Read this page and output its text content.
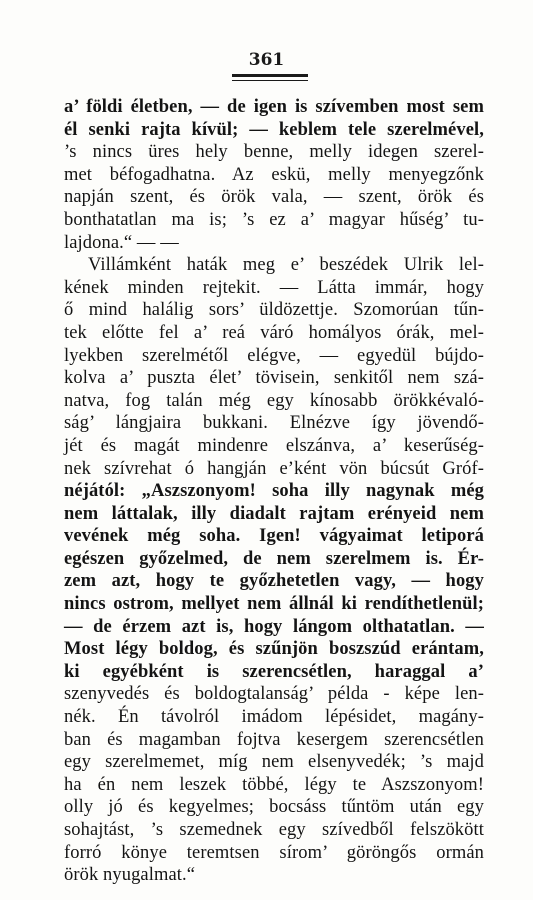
361
a’ földi életben, — de igen is szívemben most sem
él senki rajta kívül; — keblem tele szerelmével,
’s nincs üres hely benne, melly idegen szerel-
met béfogadhatna. Az eskü, melly menyegzőnk
napján szent, és örök vala, — szent, örök és
bonthatatlan ma is; ’s ez a’ magyar hűség’ tu-
lajdona.“ — —
Villámként haták meg e’ beszédek Ulrik lel-
kének minden rejtekit. — Látta immár, hogy
ő mind halálig sors’ üldözettje. Szomorúan tűn-
tek előtte fel a’ reá váró homályos órák, mel-
lyekben szerelmétől elégve, — egyedül bújdo-
kolva a’ puszta élet’ tövisein, senkitől nem szá-
natva, fog talán még egy kínosabb örökkévaló-
ság’ lángjaira bukkani. Elnézve így jövendő-
jét és magát mindenre elszánva, a’ keserűség-
nek szívrehat ó hangján e’ként vön búcsút Gróf-
néjától: „Aszszonyom! soha illy nagynak még
nem láttalak, illy diadalt rajtam erényeid nem
vevének még soha. Igen! vágyaimat letiporá
egészen győzelmed, de nem szerelmem is. Ér-
zem azt, hogy te győzhetetlen vagy, — hogy
nincs ostrom, mellyet nem állnál ki rendíthetlenül;
— de érzem azt is, hogy lángom olthatatlan. —
Most légy boldog, és szűnjön boszszúd erántam,
ki egyébként is szerencsétlen, haraggal a’
szenyvedés és boldogtalanság’ példa - képe len-
nék. Én távolról imádom lépésidet, magány-
ban és magamban fojtva kesergem szerencsétlen
egy szerelmemet, míg nem elsenyvedék; ’s majd
ha én nem leszek többé, légy te Aszszonyom!
olly jó és kegyelmes; bocsáss tűntöm után egy
sohajtást, ’s szemednek egy szívedből felszökött
forró könye teremtsen sírom’ göröngős ormán
örök nyugalmat.“
